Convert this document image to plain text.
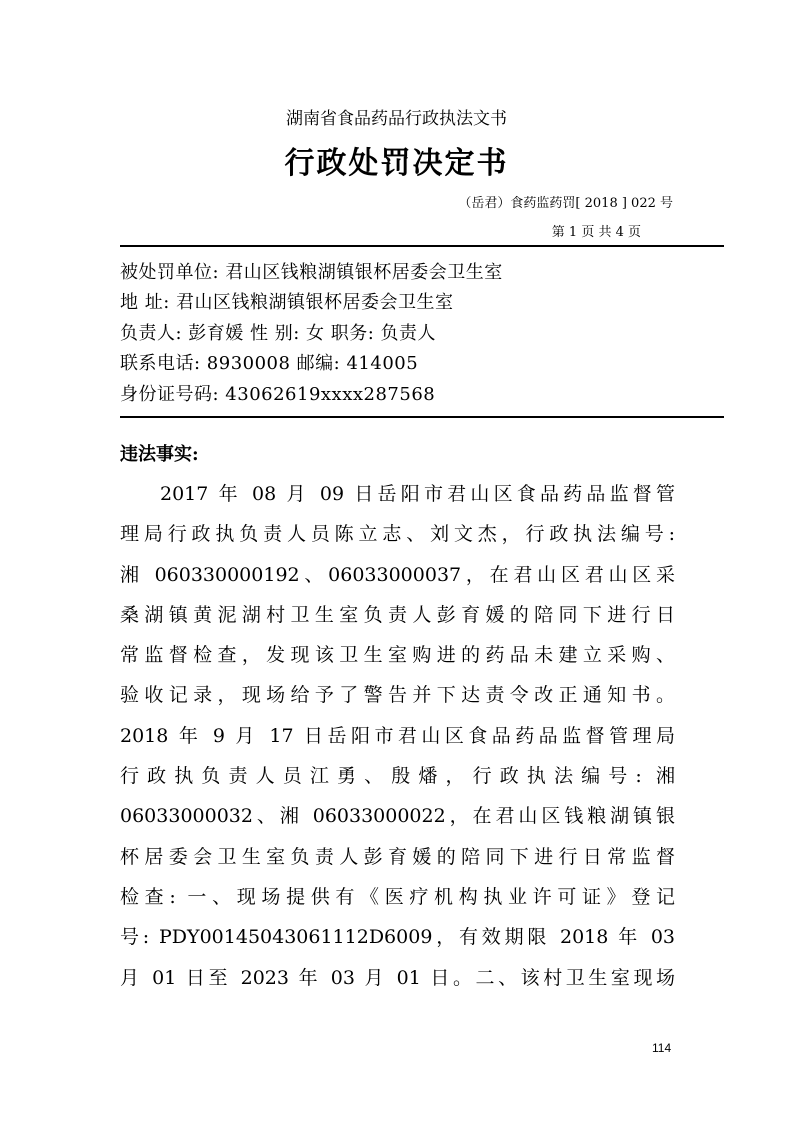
湖南省食品药品行政执法文书
行政处罚决定书
（岳君）食药监药罚[ 2018 ] 022 号
第 1 页 共 4 页
被处罚单位: 君山区钱粮湖镇银杯居委会卫生室
地 址: 君山区钱粮湖镇银杯居委会卫生室
负责人: 彭育媛 性 别: 女 职务: 负责人
联系电话: 8930008 邮编: 414005
身份证号码: 43062619xxxx287568
违法事实:
2017 年 08 月 09 日岳阳市君山区食品药品监督管
理局行政执负责人员陈立志、刘文杰，行政执法编号:
湘 060330000192、06033000037，在君山区君山区采
桑湖镇黄泥湖村卫生室负责人彭育媛的陪同下进行日
常监督检查，发现该卫生室购进的药品未建立采购、
验收记录，现场给予了警告并下达责令改正通知书。
2018 年 9 月 17 日岳阳市君山区食品药品监督管理局
行政执负责人员江勇、殷燔，行政执法编号: 湘
06033000032、湘 06033000022，在君山区钱粮湖镇银
杯居委会卫生室负责人彭育媛的陪同下进行日常监督
检查: 一、现场提供有《医疗机构执业许可证》登记
号: PDY0014504306111​2D6009，有效期限 2018 年 03
月 01 日至 2023 年 03 月 01 日。二、该村卫生室现场
114
